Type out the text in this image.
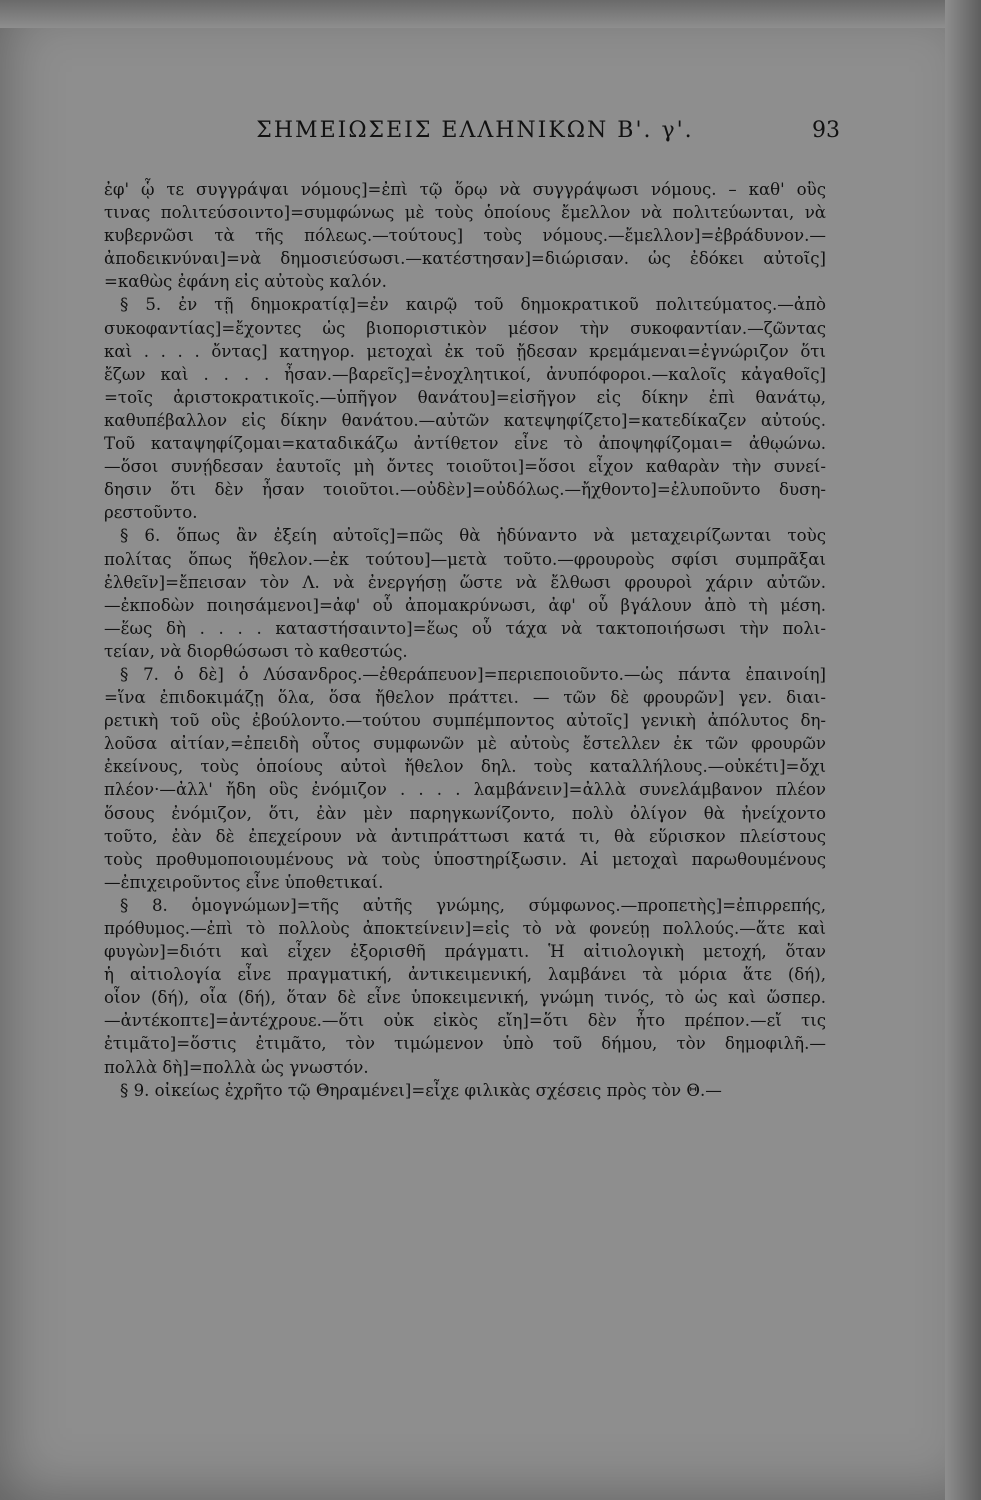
ΣΗΜΕΙΩΣΕΙΣ ΕΛΛΗΝΙΚΩΝ Β'. γ'.	93
ἐφ' ᾧ τε συγγράψαι νόμους]=ἐπὶ τῷ ὅρῳ νὰ συγγράψωσι νόμους. – καθ' οὓς
τινας πολιτεύσοιντο]=συμφώνως μὲ τοὺς ὁποίους ἔμελλον νὰ πολιτεύωνται, νὰ
κυβερνῶσι τὰ τῆς πόλεως.—τούτους] τοὺς νόμους.—ἔμελλον]=ἐβράδυνον.—
ἀποδεικνύναι]=νὰ δημοσιεύσωσι.—κατέστησαν]=διώρισαν. ὡς ἐδόκει αὐτοῖς]
=καθὼς ἐφάνη εἰς αὐτοὺς καλόν.
§ 5. ἐν τῇ δημοκρατίᾳ]=ἐν καιρῷ τοῦ δημοκρατικοῦ πολιτεύματος.—ἀπὸ
συκοφαντίας]=ἔχοντες ὡς βιοποριστικὸν μέσον τὴν συκοφαντίαν.—ζῶντας
καὶ . . . . ὄντας] κατηγορ. μετοχαὶ ἐκ τοῦ ᾔδεσαν κρεμάμεναι=ἐγνώριζον ὅτι
ἔζων καὶ . . . . ἦσαν.—βαρεῖς]=ἐνοχλητικοί, ἀνυπόφοροι.—καλοῖς κἀγαθοῖς]
=τοῖς ἀριστοκρατικοῖς.—ὑπῆγον θανάτου]=εἰσῆγον εἰς δίκην ἐπὶ θανάτῳ,
καθυπέβαλλον εἰς δίκην θανάτου.—αὐτῶν κατεψηφίζετο]=κατεδίκαζεν αὐτούς.
Τοῦ καταψηφίζομαι=καταδικάζω ἀντίθετον εἶνε τὸ ἀποψηφίζομαι= ἀθῳώνω.
—ὅσοι συνῄδεσαν ἑαυτοῖς μὴ ὄντες τοιοῦτοι]=ὅσοι εἶχον καθαρὰν τὴν συνεί-
δησιν ὅτι δὲν ἦσαν τοιοῦτοι.—οὐδὲν]=οὐδόλως.—ἤχθοντο]=ἐλυποῦντο δυση-
ρεστοῦντο.
§ 6. ὅπως ἂν ἐξείη αὐτοῖς]=πῶς θὰ ἠδύναντο νὰ μεταχειρίζωνται τοὺς
πολίτας ὅπως ἤθελον.—ἐκ τούτου]—μετὰ τοῦτο.—φρουροὺς σφίσι συμπρᾶξαι
ἐλθεῖν]=ἔπεισαν τὸν Λ. νὰ ἐνεργήσῃ ὥστε νὰ ἔλθωσι φρουροὶ χάριν αὐτῶν.
—ἐκποδὼν ποιησάμενοι]=ἀφ' οὗ ἀπομακρύνωσι, ἀφ' οὗ βγάλουν ἀπὸ τὴ μέση.
—ἕως δὴ . . . . καταστήσαιντο]=ἕως οὗ τάχα νὰ τακτοποιήσωσι τὴν πολι-
τείαν, νὰ διορθώσωσι τὸ καθεστώς.
§ 7. ὁ δὲ] ὁ Λύσανδρος.—ἐθεράπευον]=περιεποιοῦντο.—ὡς πάντα ἐπαινοίη]
=ἵνα ἐπιδοκιμάζῃ ὅλα, ὅσα ἤθελον πράττει. — τῶν δὲ φρουρῶν] γεν. διαι-
ρετικὴ τοῦ οὓς ἐβούλοντο.—τούτου συμπέμποντος αὐτοῖς] γενικὴ ἀπόλυτος δη-
λοῦσα αἰτίαν,=ἐπειδὴ οὗτος συμφωνῶν μὲ αὐτοὺς ἔστελλεν ἐκ τῶν φρουρῶν
ἐκείνους, τοὺς ὁποίους αὐτοὶ ἤθελον δηλ. τοὺς καταλλήλους.—οὐκέτι]=ὄχι
πλέον·—ἀλλ' ἤδη οὓς ἐνόμιζον . . . . λαμβάνειν]=ἀλλὰ συνελάμβανον πλέον
ὅσους ἐνόμιζον, ὅτι, ἐὰν μὲν παρηγκωνίζοντο, πολὺ ὀλίγον θὰ ἠνείχοντο
τοῦτο, ἐὰν δὲ ἐπεχείρουν νὰ ἀντιπράττωσι κατά τι, θὰ εὕρισκον πλείστους
τοὺς προθυμοποιουμένους νὰ τοὺς ὑποστηρίξωσιν. Αἱ μετοχαὶ παρωθουμένους
—ἐπιχειροῦντος εἶνε ὑποθετικαί.
§ 8. ὁμογνώμων]=τῆς αὐτῆς γνώμης, σύμφωνος.—προπετὴς]=ἐπιρρεπής,
πρόθυμος.—ἐπὶ τὸ πολλοὺς ἀποκτείνειν]=εἰς τὸ νὰ φονεύῃ πολλούς.—ἅτε καὶ
φυγὼν]=διότι καὶ εἶχεν ἐξορισθῆ πράγματι. Ἡ αἰτιολογικὴ μετοχή, ὅταν
ἡ αἰτιολογία εἶνε πραγματική, ἀντικειμενική, λαμβάνει τὰ μόρια ἅτε (δή),
οἷον (δή), οἷα (δή), ὅταν δὲ εἶνε ὑποκειμενική, γνώμη τινός, τὸ ὡς καὶ ὥσπερ.
—ἀντέκοπτε]=ἀντέχρουε.—ὅτι οὐκ εἰκὸς εἴη]=ὅτι δὲν ἦτο πρέπον.—εἴ τις
ἐτιμᾶτο]=ὅστις ἐτιμᾶτο, τὸν τιμώμενον ὑπὸ τοῦ δήμου, τὸν δημοφιλῆ.—
πολλὰ δὴ]=πολλὰ ὡς γνωστόν.
§ 9. οἰκείως ἐχρῆτο τῷ Θηραμένει]=εἶχε φιλικὰς σχέσεις πρὸς τὸν Θ.—
